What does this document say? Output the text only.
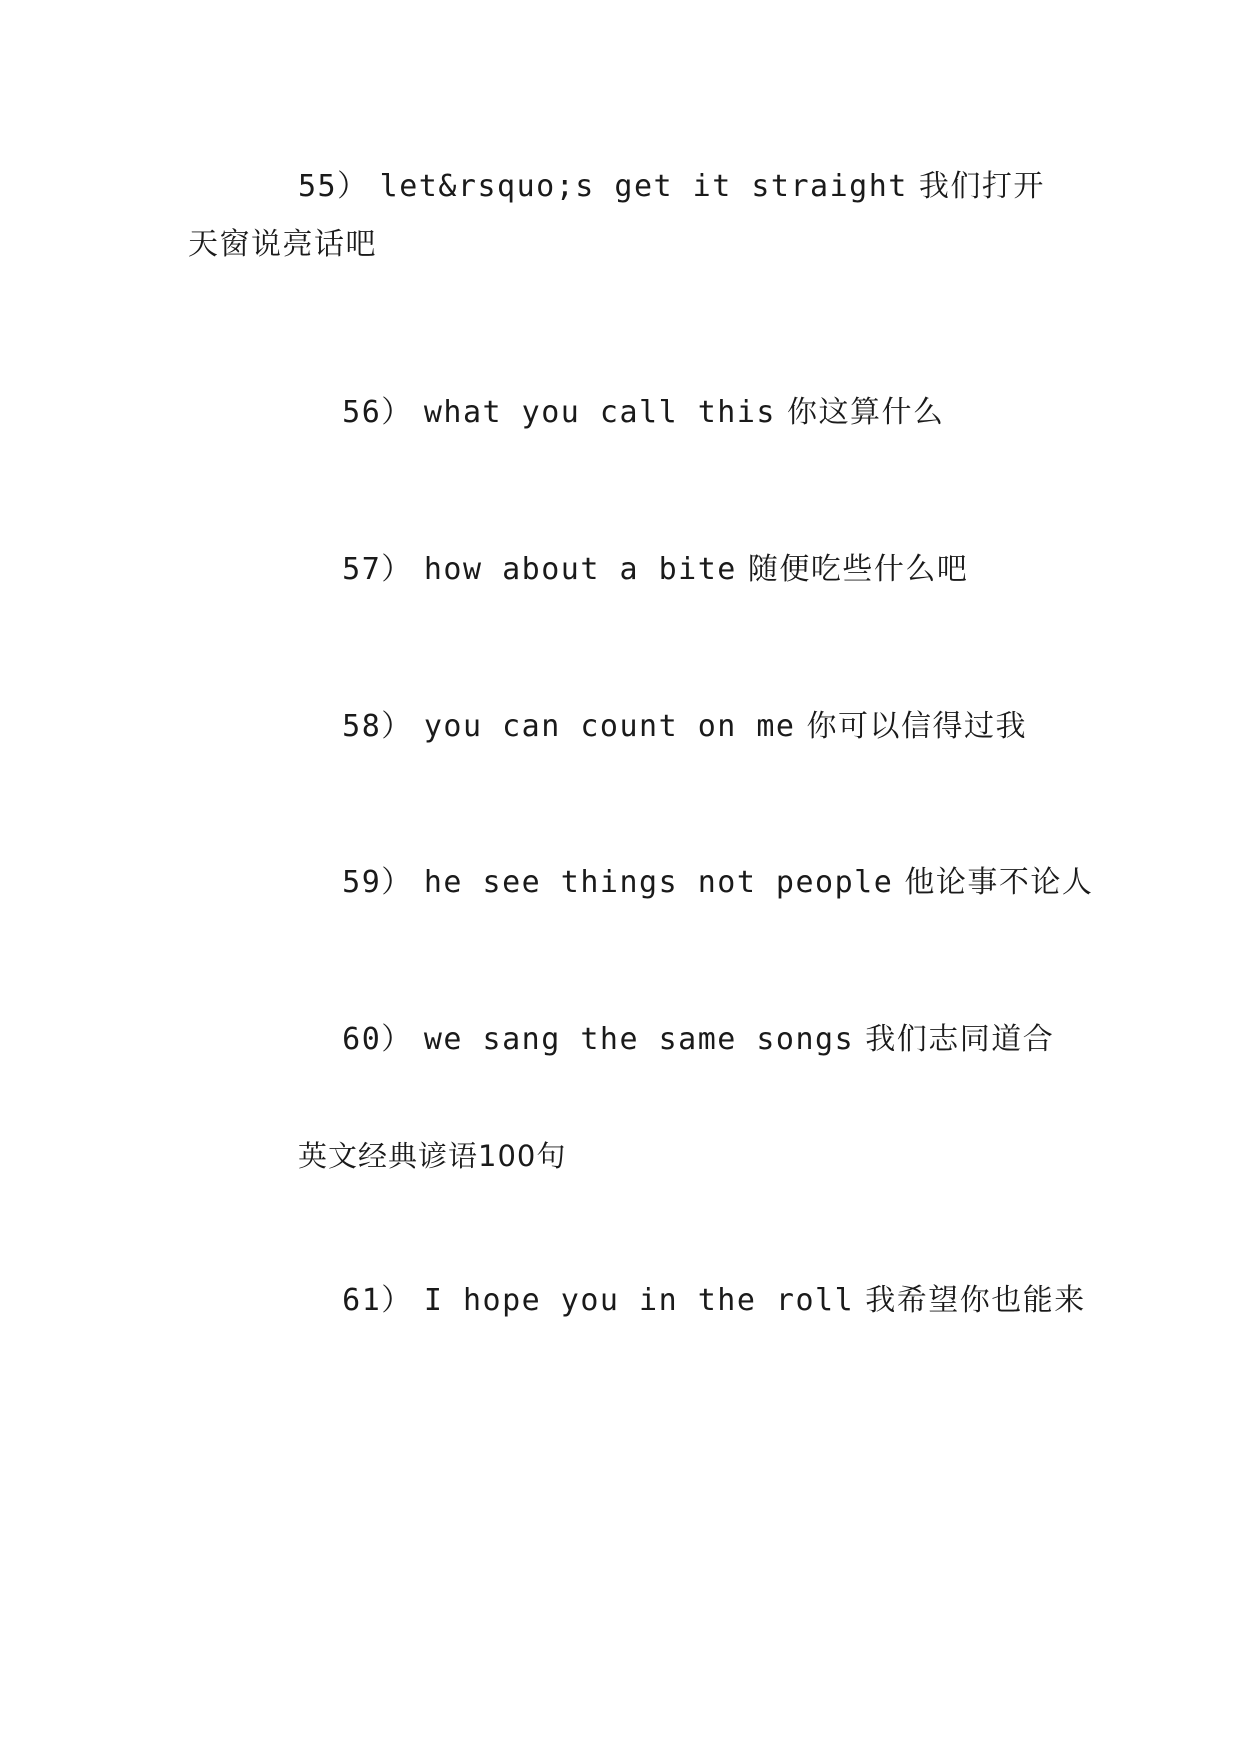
55） let&rsquo;s get it straight 我们打开天窗说亮话吧

56） what you call this 你这算什么

57） how about a bite 随便吃些什么吧

58） you can count on me 你可以信得过我

59） he see things not people 他论事不论人

60） we sang the same songs 我们志同道合

英文经典谚语100句

61） I hope you in the roll 我希望你也能来
